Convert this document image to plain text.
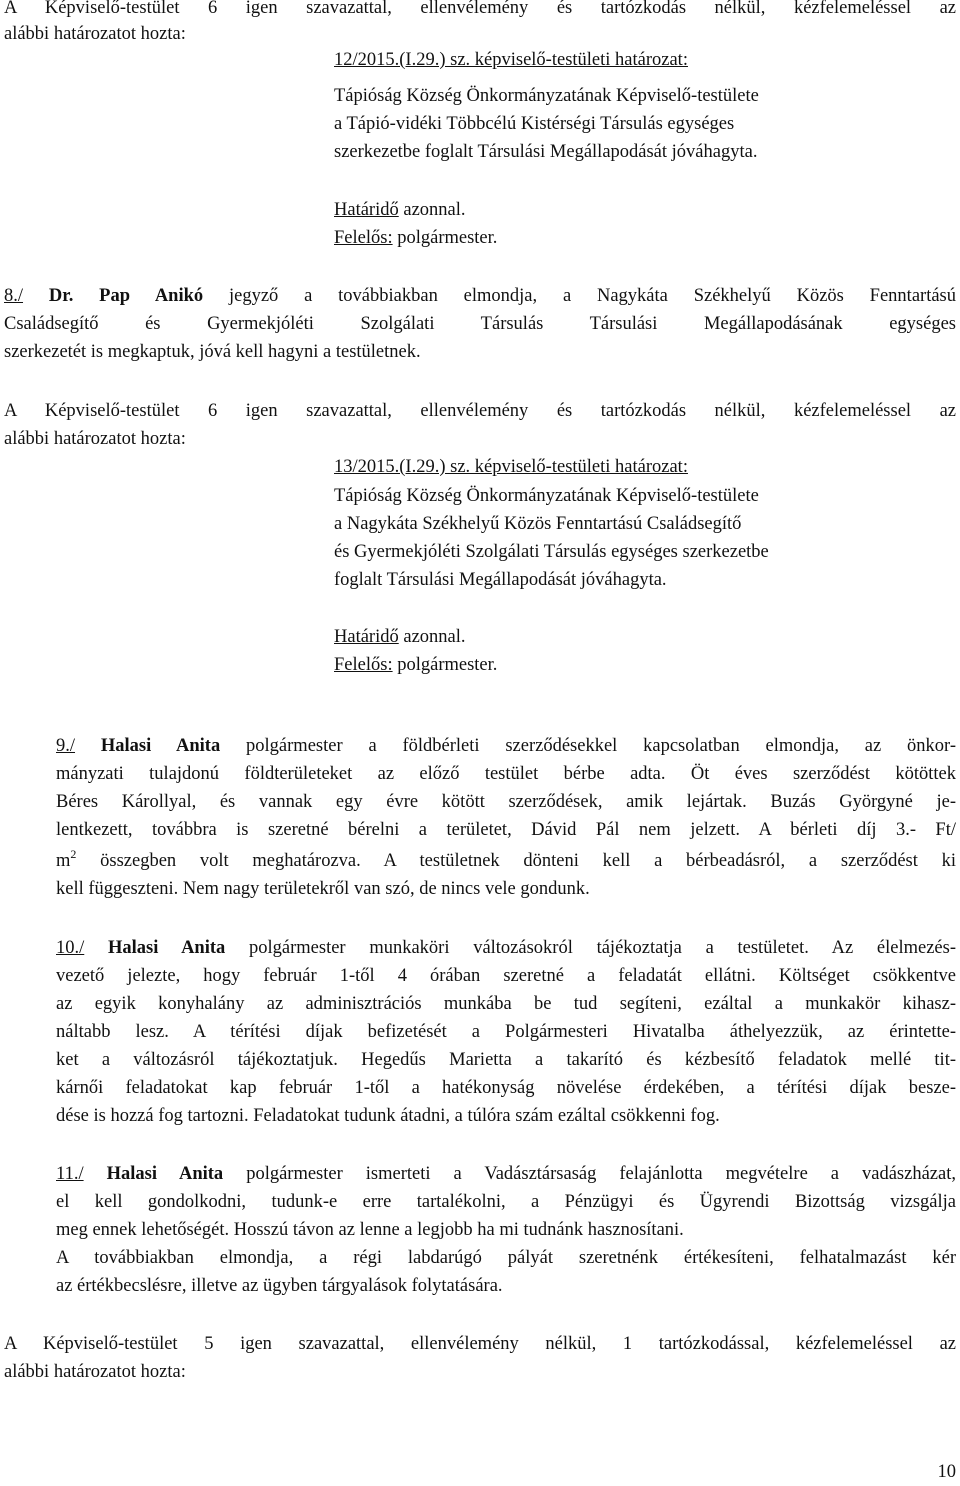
A Képviselő-testület 6 igen szavazattal, ellenvélemény és tartózkodás nélkül, kézfelemeléssel az
alábbi határozatot hozta:
12/2015.(I.29.) sz. képviselő-testületi határozat:
Tápióság Község Önkormányzatának Képviselő-testülete
a Tápió-vidéki Többcélú Kistérségi Társulás egységes
szerkezetbe foglalt Társulási Megállapodását jóváhagyta.
Határidő azonnal.
Felelős: polgármester.
8./ Dr. Pap Anikó jegyző a továbbiakban elmondja, a Nagykáta Székhelyű Közös Fenntartású
Családsegítő és Gyermekjóléti Szolgálati Társulás Társulási Megállapodásának egységes
szerkezetét is megkaptuk, jóvá kell hagyni a testületnek.
A Képviselő-testület 6 igen szavazattal, ellenvélemény és tartózkodás nélkül, kézfelemeléssel az
alábbi határozatot hozta:
13/2015.(I.29.) sz. képviselő-testületi határozat:
Tápióság Község Önkormányzatának Képviselő-testülete
a Nagykáta Székhelyű Közös Fenntartású Családsegítő
és Gyermekjóléti Szolgálati Társulás egységes szerkezetbe
foglalt Társulási Megállapodását jóváhagyta.
Határidő azonnal.
Felelős: polgármester.
9./ Halasi Anita polgármester a földbérleti szerződésekkel kapcsolatban elmondja, az önkor-
mányzati tulajdonú földterületeket az előző testület bérbe adta. Öt éves szerződést kötöttek
Béres Károllyal, és vannak egy évre kötött szerződések, amik lejártak. Buzás Györgyné je-
lentkezett, továbbra is szeretné bérelni a területet, Dávid Pál nem jelzett. A bérleti díj 3.- Ft/
$m^2$ összegben volt meghatározva. A testületnek dönteni kell a bérbeadásról, a szerződést ki
kell függeszteni. Nem nagy területekről van szó, de nincs vele gondunk.
10./ Halasi Anita polgármester munkaköri változásokról tájékoztatja a testületet. Az élelmezés-
vezető jelezte, hogy február 1-től 4 órában szeretné a feladatát ellátni. Költséget csökkentve
az egyik konyhalány az adminisztrációs munkába be tud segíteni, ezáltal a munkakör kihasz-
náltabb lesz. A térítési díjak befizetését a Polgármesteri Hivatalba áthelyezzük, az érintette-
ket a változásról tájékoztatjuk. Hegedűs Marietta a takarító és kézbesítő feladatok mellé tit-
kárnői feladatokat kap február 1-től a hatékonyság növelése érdekében, a térítési díjak beszе-
dése is hozzá fog tartozni. Feladatokat tudunk átadni, a túlóra szám ezáltal csökkenni fog.
11./ Halasi Anita polgármester ismerteti a Vadásztársaság felajánlotta megvételre a vadászházat,
el kell gondolkodni, tudunk-e erre tartalékolni, a Pénzügyi és Ügyrendi Bizottság vizsgálja
meg ennek lehetőségét. Hosszú távon az lenne a legjobb ha mi tudnánk hasznosítani.
A továbbiakban elmondja, a régi labdarúgó pályát szeretnénk értékesíteni, felhatalmazást kér
az értékbecslésre, illetve az ügyben tárgyalások folytatására.
A Képviselő-testület 5 igen szavazattal, ellenvélemény nélkül, 1 tartózkodással, kézfelemeléssel az
alábbi határozatot hozta:
10
